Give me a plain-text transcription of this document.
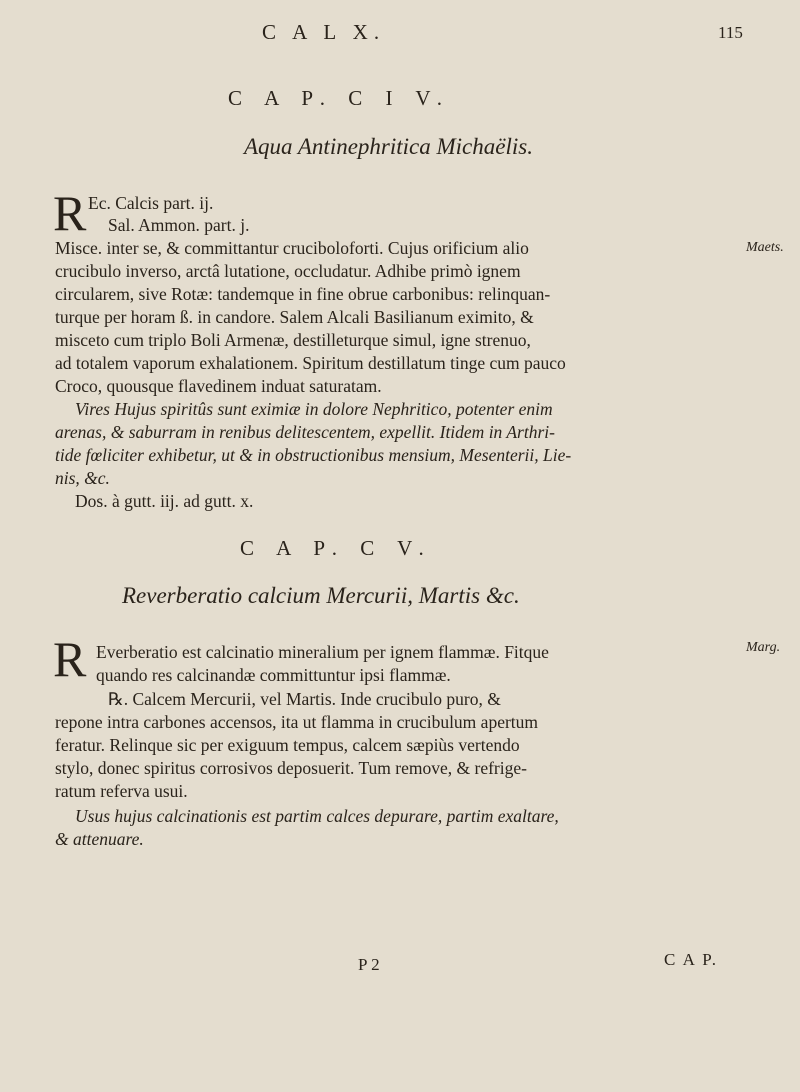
C A L X.	115
C A P. C I V.
Aqua Antinephritica Michaëlis.
R Ec. Calcis part. ij.
Sal. Ammon. part. j.
Misce. inter se, & committantur cruciboloforti. Cujus orificium alio
crucibulo inverso, arctâ lutatione, occludatur. Adhibe primò ignem
circularem, sive Rotæ: tandemque in fine obrue carbonibus: relinquan-
turque per horam ß. in candore. Salem Alcali Basilianum eximito, &
misceto cum triplo Boli Armenæ, destilleturque simul, igne strenuo,
ad totalem vaporum exhalationem. Spiritum destillatum tinge cum pauco
Croco, quousque flavedinem induat saturatam.
Vires Hujus spiritûs sunt eximiæ in dolore Nephritico, potenter enim
arenas, & saburram in renibus delitescentem, expellit. Itidem in Arthri-
tide fœliciter exhibetur, ut & in obstructionibus mensium, Mesenterii, Lie-
nis, &c.
Dos. à gutt. iij. ad gutt. x.
Maets.
C A P. C V.
Reverberatio calcium Mercurii, Martis &c.
R Everberatio est calcinatio mineralium per ignem flammæ. Fitque
quando res calcinandæ committuntur ipsi flammæ.
℞. Calcem Mercurii, vel Martis. Inde crucibulo puro, &
repone intra carbones accensos, ita ut flamma in crucibulum apertum
feratur. Relinque sic per exiguum tempus, calcem sæpiùs vertendo
stylo, donec spiritus corrosivos deposuerit. Tum remove, & refrige-
ratum referva usui.
Usus hujus calcinationis est partim calces depurare, partim exaltare,
& attenuare.
Marg.
P 2	C A P.
